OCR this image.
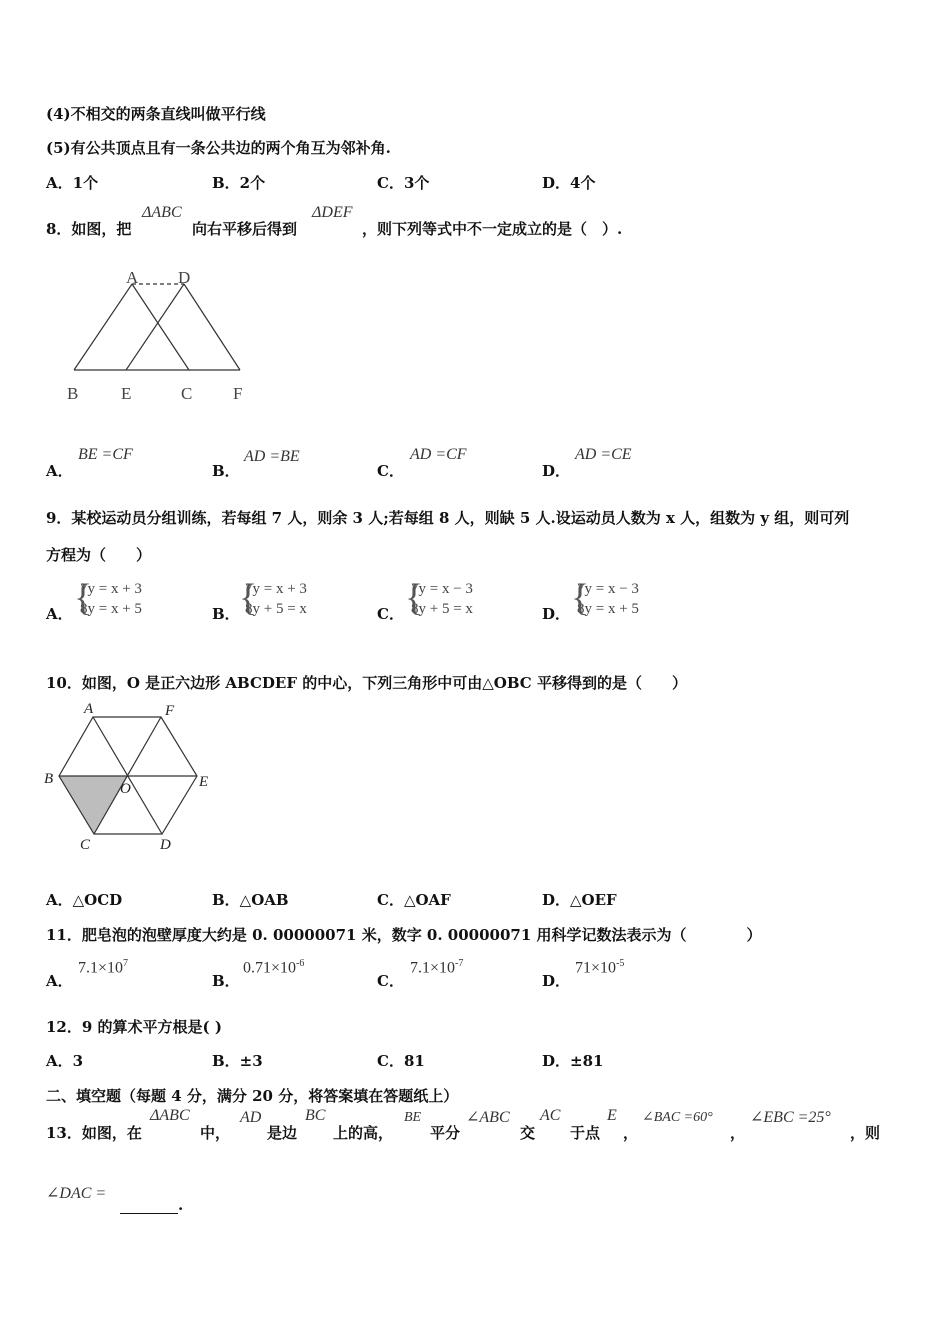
(4)不相交的两条直线叫做平行线
(5)有公共顶点且有一条公共边的两个角互为邻补角.
A．1个	B．2个	C．3个	D．4个
8．如图，把
ΔABC
向右平移后得到
ΔDEF
，则下列等式中不一定成立的是（　）.
A D
B	E	C F
A．
BE =CF
B．
AD =BE
C．
AD =CF
D．
AD =CE
9．某校运动员分组训练，若每组 7 人，则余 3 人;若每组 8 人，则缺 5 人.设运动员人数为 x 人，组数为 y 组，则可列
方程为（　　）
A． {
7y = x + 3
8y = x + 5	B． {
7y = x + 3
8y + 5 = x	C． {
7y = x − 3
8y + 5 = x	D． {
7y = x − 3
8y = x + 5
10．如图，O 是正六边形 ABCDEF 的中心，下列三角形中可由△OBC 平移得到的是（　　）
A	F
B
O	E
C	D
A．△OCD	B．△OAB	C．△OAF	D．△OEF
11．肥皂泡的泡壁厚度大约是 0. 00000071 米，数字 0. 00000071 用科学记数法表示为（　　　　）
A．
$7.1\times 10^7$
B．
$0.71\times 10^{-6}$
C．
$7.1\times 10^{-7}$
D．
$71\times 10^{-5}$
12．9 的算术平方根是( )
A．3	B．±3	C．81	D．±81
二、填空题（每题 4 分，满分 20 分，将答案填在答题纸上）
13．如图，在
ΔABC
中，
AD
是边
BC
上的高，
BE
平分
∠ABC
交
AC
于点
E
，
∠BAC =60°
，
∠EBC =25°
，则
∠DAC =
.
